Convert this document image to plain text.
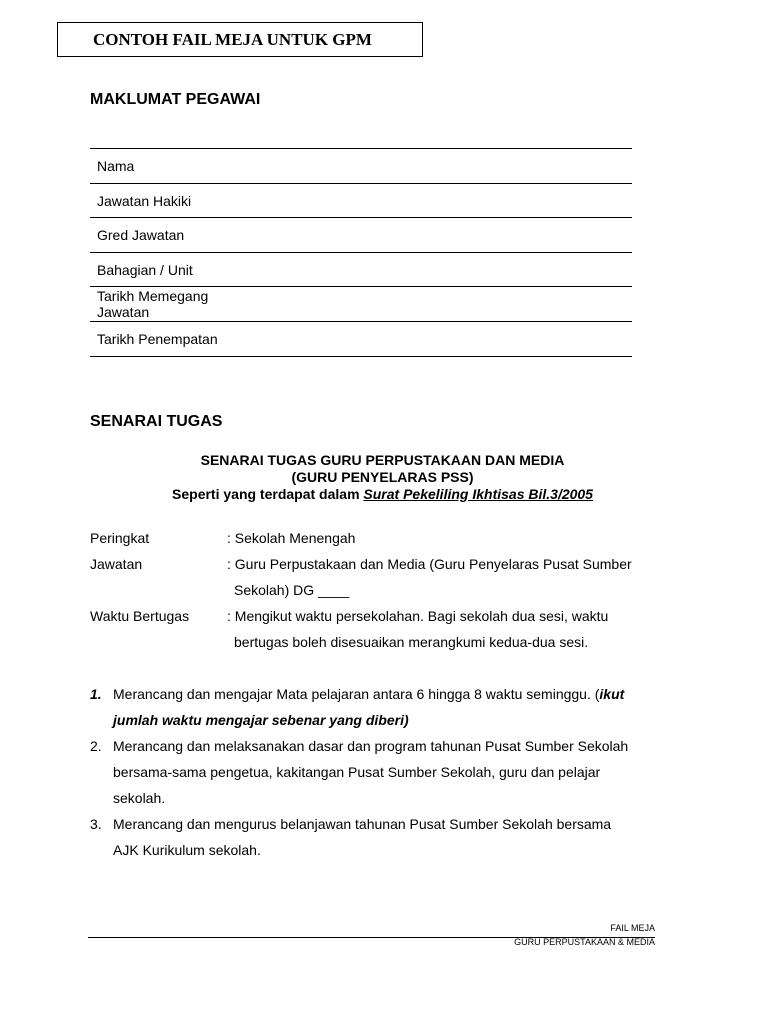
CONTOH FAIL MEJA UNTUK GPM
MAKLUMAT PEGAWAI
Nama
Jawatan Hakiki
Gred Jawatan
Bahagian / Unit
Tarikh Memegang
Jawatan
Tarikh Penempatan
SENARAI TUGAS
SENARAI TUGAS GURU PERPUSTAKAAN DAN MEDIA
(GURU PENYELARAS PSS)
Seperti yang terdapat dalam Surat Pekeliling Ikhtisas Bil.3/2005
Peringkat	: Sekolah Menengah
Jawatan	: Guru Perpustakaan dan Media (Guru Penyelaras Pusat Sumber
Sekolah) DG ____
Waktu Bertugas	: Mengikut waktu persekolahan. Bagi sekolah dua sesi, waktu
bertugas boleh disesuaikan merangkumi kedua-dua sesi.
1. Merancang dan mengajar Mata pelajaran antara 6 hingga 8 waktu seminggu. (ikut
jumlah waktu mengajar sebenar yang diberi)
2. Merancang dan melaksanakan dasar dan program tahunan Pusat Sumber Sekolah
bersama-sama pengetua, kakitangan Pusat Sumber Sekolah, guru dan pelajar
sekolah.
3. Merancang dan mengurus belanjawan tahunan Pusat Sumber Sekolah bersama
AJK Kurikulum sekolah.
FAIL MEJA
GURU PERPUSTAKAAN & MEDIA
